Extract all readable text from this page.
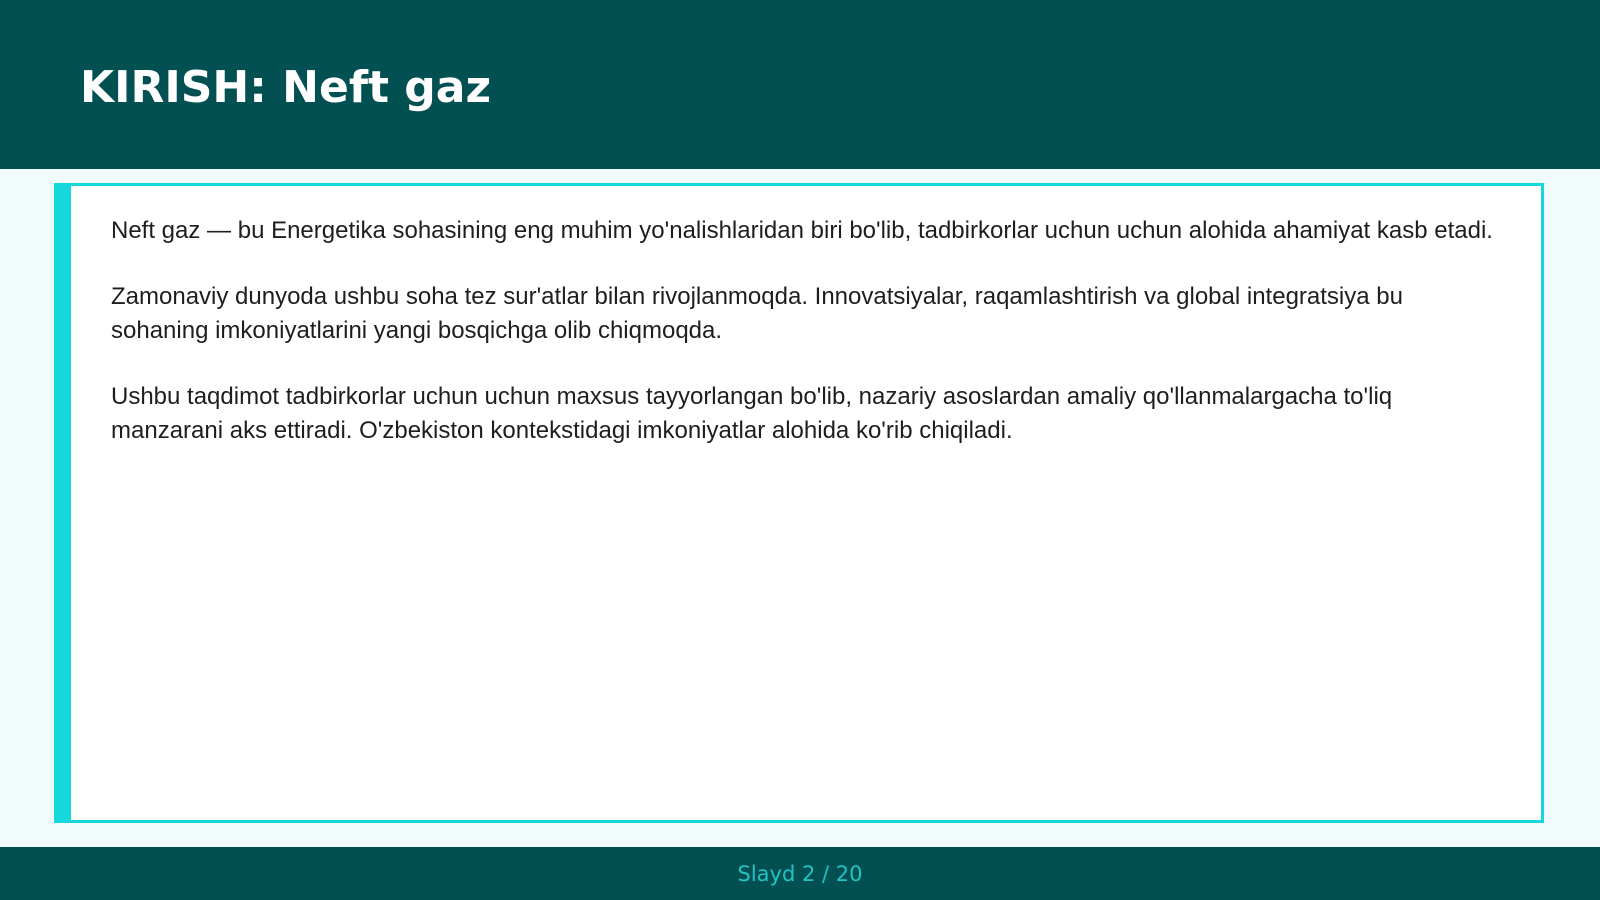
KIRISH: Neft gaz

Neft gaz — bu Energetika sohasining eng muhim yo'nalishlaridan biri bo'lib, tadbirkorlar uchun uchun alohida ahamiyat kasb etadi.

Zamonaviy dunyoda ushbu soha tez sur'atlar bilan rivojlanmoqda. Innovatsiyalar, raqamlashtirish va global integratsiya bu sohaning imkoniyatlarini yangi bosqichga olib chiqmoqda.

Ushbu taqdimot tadbirkorlar uchun uchun maxsus tayyorlangan bo'lib, nazariy asoslardan amaliy qo'llanmalargacha to'liq manzarani aks ettiradi. O'zbekiston kontekstidagi imkoniyatlar alohida ko'rib chiqiladi.

Slayd 2 / 20
